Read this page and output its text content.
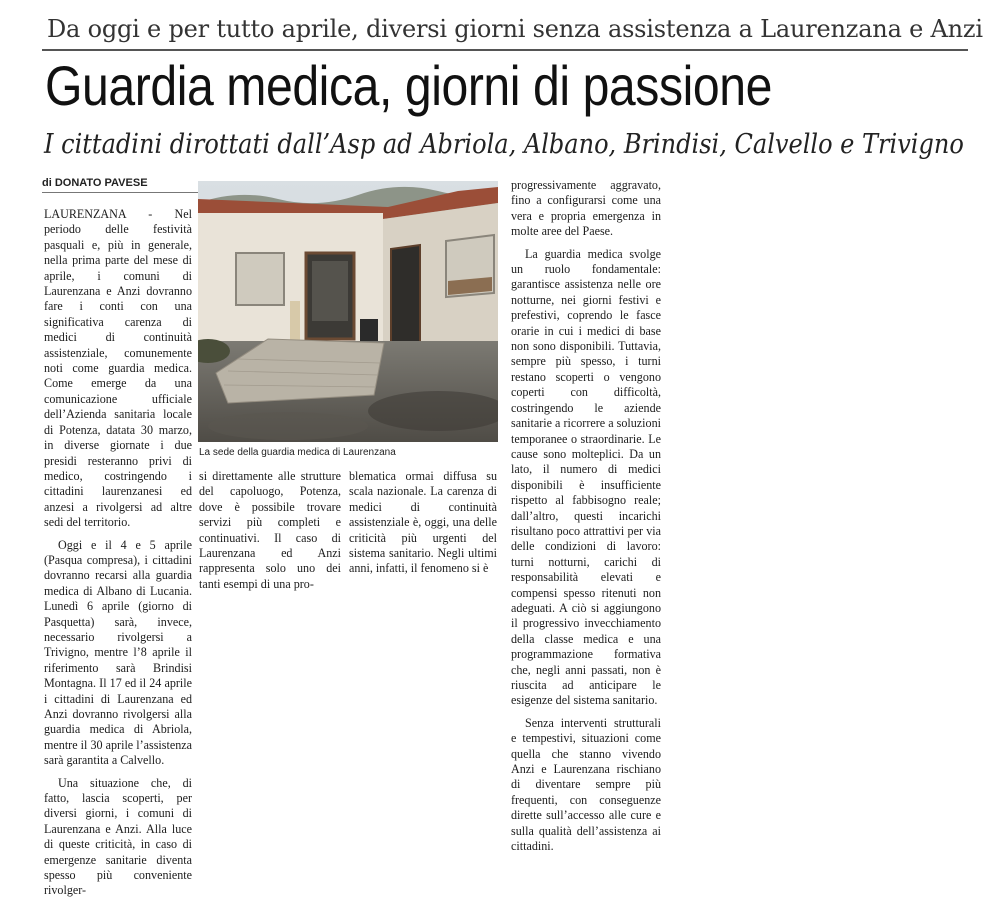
Da oggi e per tutto aprile, diversi giorni senza assistenza a Laurenzana e Anzi
Guardia medica, giorni di passione
I cittadini dirottati dall’Asp ad Abriola, Albano, Brindisi, Calvello e Trivigno
di DONATO PAVESE

LAURENZANA - Nel periodo delle festività pasquali e, più in generale, nella prima parte del mese di aprile, i comuni di Laurenzana e Anzi dovranno fare i conti con una significativa carenza di medici di continuità assistenziale, comunemente noti come guardia medica. Come emerge da una comunicazione ufficiale dell’Azienda sanitaria locale di Potenza, datata 30 marzo, in diverse giornate i due presidi resteranno privi di medico, costringendo i cittadini laurenzanesi ed anzesi a rivolgersi ad altre sedi del territorio.

Oggi e il 4 e 5 aprile (Pasqua compresa), i cittadini dovranno recarsi alla guardia medica di Albano di Lucania. Lunedì 6 aprile (giorno di Pasquetta) sarà, invece, necessario rivolgersi a Trivigno, mentre l’8 aprile il riferimento sarà Brindisi Montagna. Il 17 ed il 24 aprile i cittadini di Laurenzana ed Anzi dovranno rivolgersi alla guardia medica di Abriola, mentre il 30 aprile l’assistenza sarà garantita a Calvello.

Una situazione che, di fatto, lascia scoperti, per diversi giorni, i comuni di Laurenzana e Anzi. Alla luce di queste criticità, in caso di emergenze sanitarie diventa spesso più conveniente rivolger-

La sede della guardia medica di Laurenzana

si direttamente alle strutture del capoluogo, Potenza, dove è possibile trovare servizi più completi e continuativi. Il caso di Laurenzana ed Anzi rappresenta solo uno dei tanti esempi di una pro-

blematica ormai diffusa su scala nazionale. La carenza di medici di continuità assistenziale è, oggi, una delle criticità più urgenti del sistema sanitario. Negli ultimi anni, infatti, il fenomeno si è

progressivamente aggravato, fino a configurarsi come una vera e propria emergenza in molte aree del Paese.

La guardia medica svolge un ruolo fondamentale: garantisce assistenza nelle ore notturne, nei giorni festivi e prefestivi, coprendo le fasce orarie in cui i medici di base non sono disponibili. Tuttavia, sempre più spesso, i turni restano scoperti o vengono coperti con difficoltà, costringendo le aziende sanitarie a ricorrere a soluzioni temporanee o straordinarie. Le cause sono molteplici. Da un lato, il numero di medici disponibili è insufficiente rispetto al fabbisogno reale; dall’altro, questi incarichi risultano poco attrattivi per via delle condizioni di lavoro: turni notturni, carichi di responsabilità elevati e compensi spesso ritenuti non adeguati. A ciò si aggiungono il progressivo invecchiamento della classe medica e una programmazione formativa che, negli anni passati, non è riuscita ad anticipare le esigenze del sistema sanitario.

Senza interventi strutturali e tempestivi, situazioni come quella che stanno vivendo Anzi e Laurenzana rischiano di diventare sempre più frequenti, con conseguenze dirette sull’accesso alle cure e sulla qualità dell’assistenza ai cittadini.
